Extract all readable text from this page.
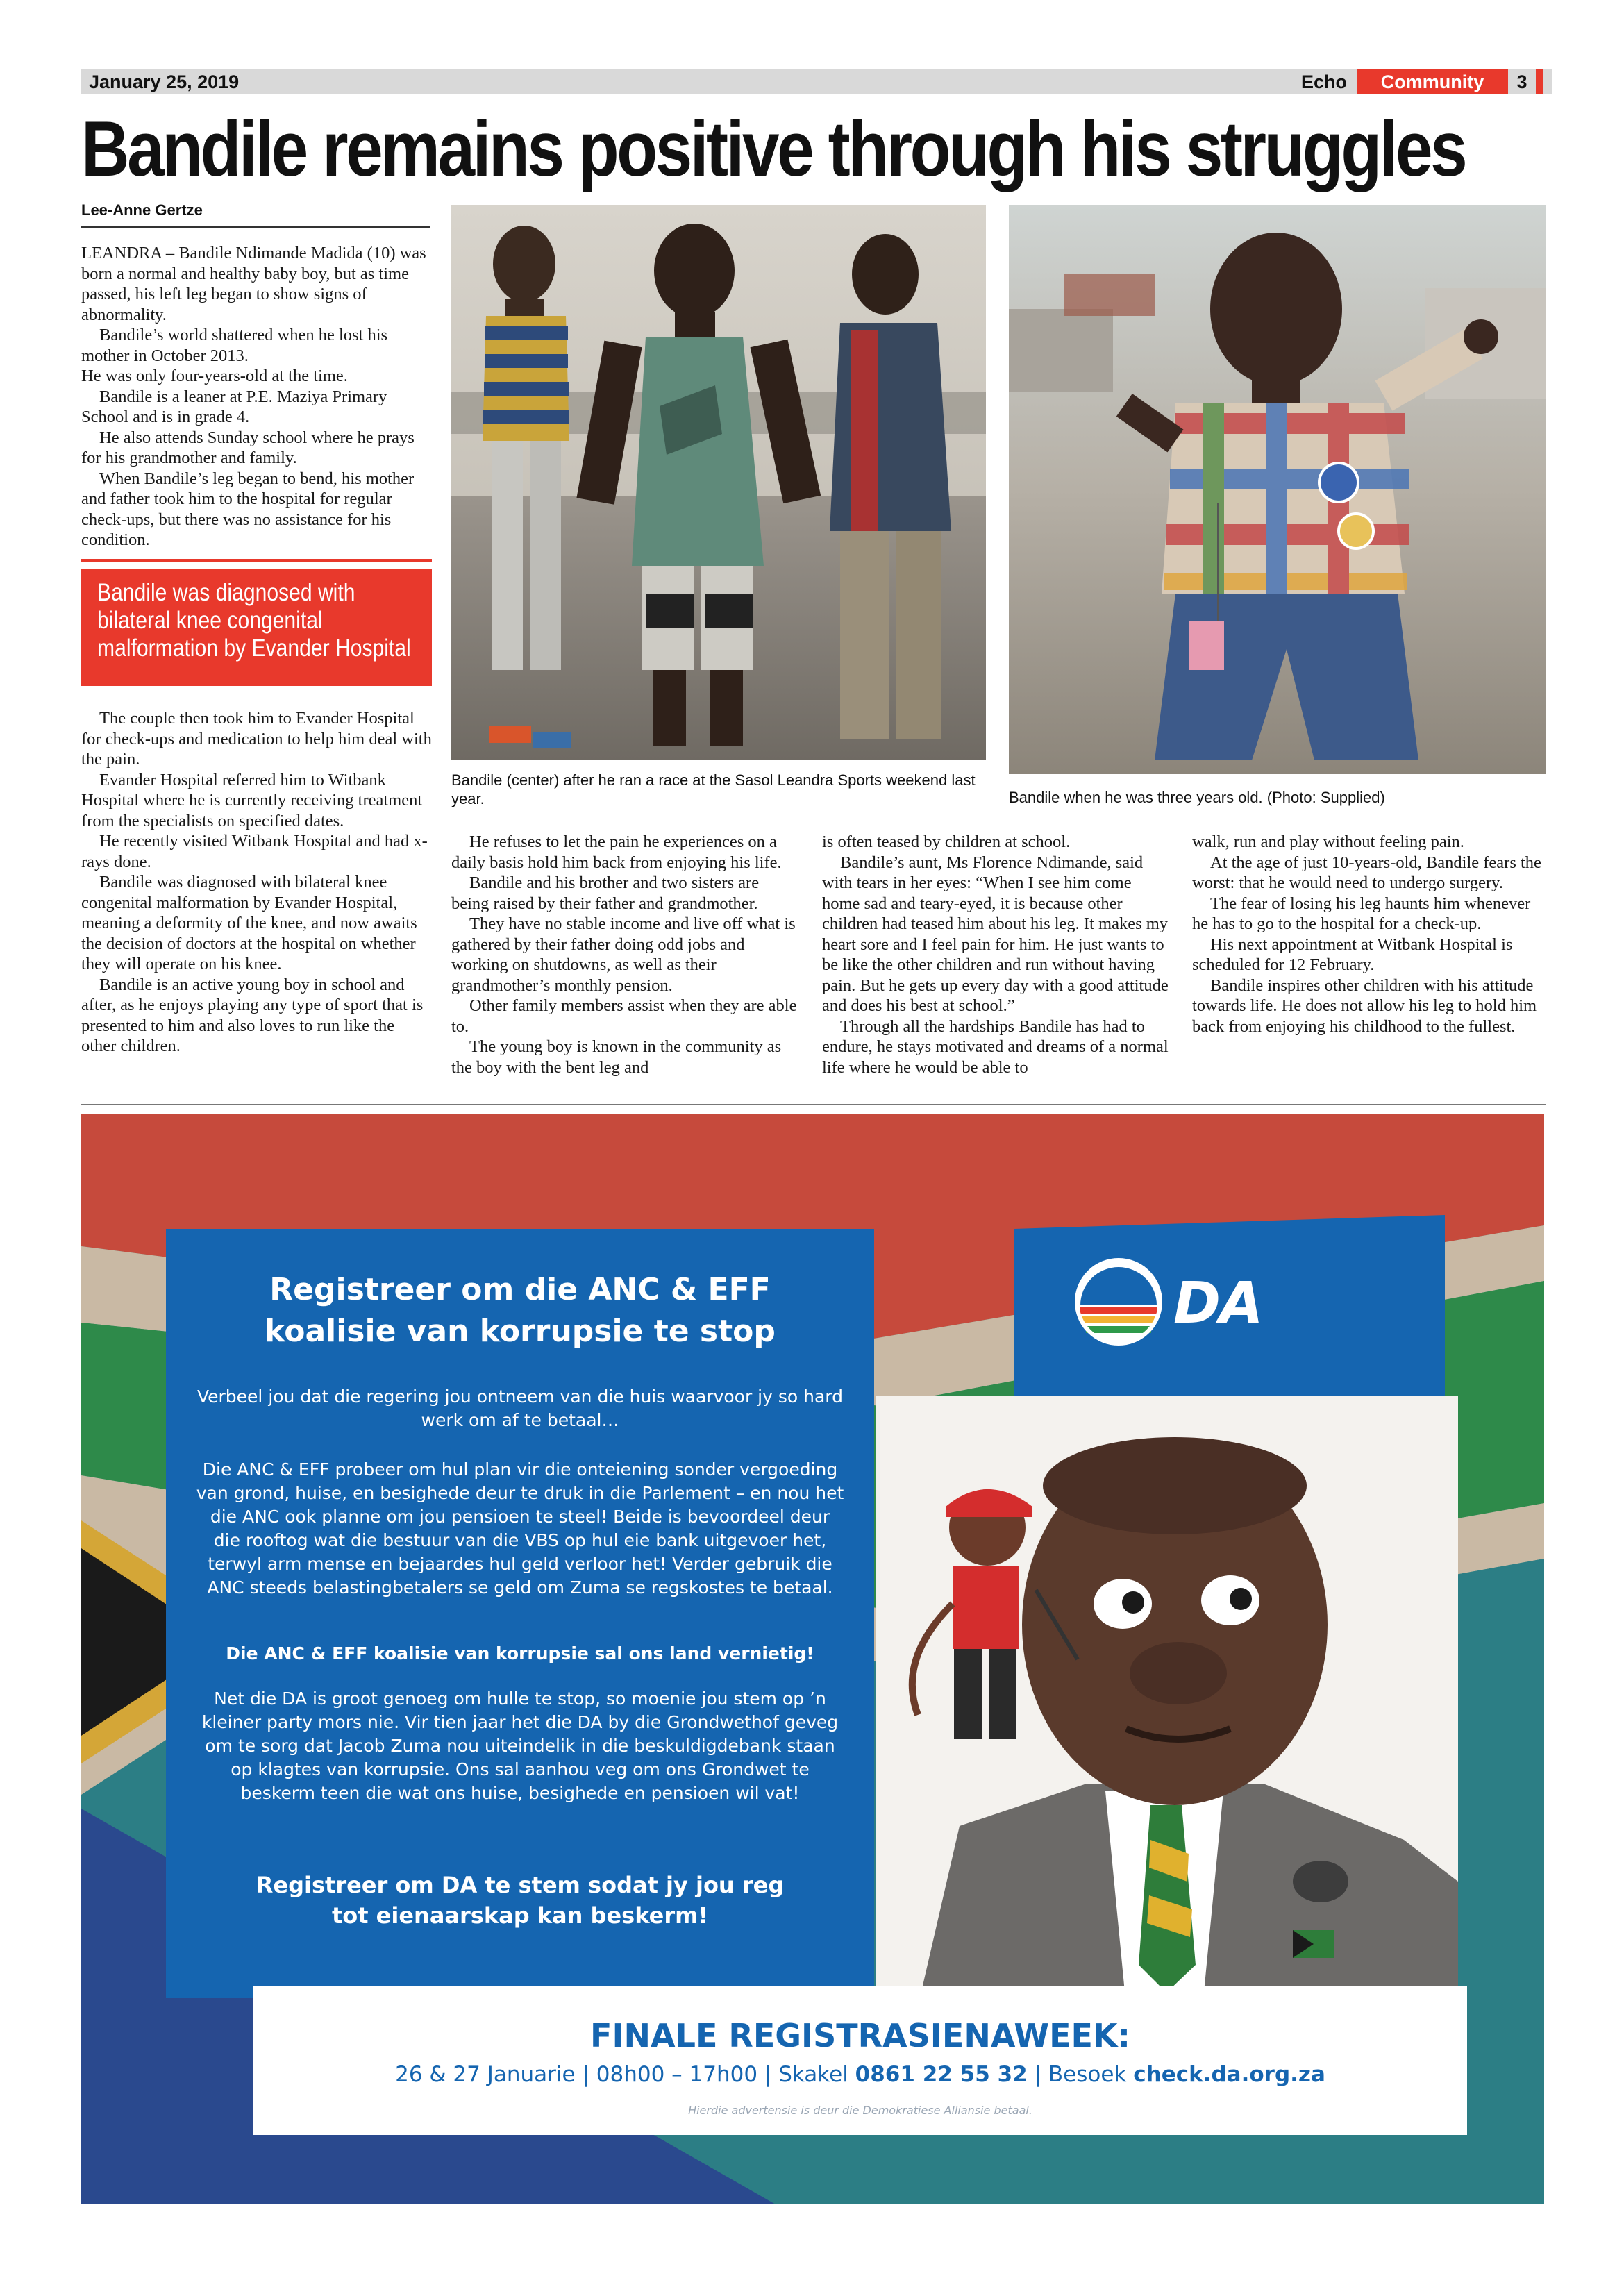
January 25, 2019	Echo	Community	3
Bandile remains positive through his struggles
Lee-Anne Gertze

LEANDRA – Bandile Ndimande Madida (10) was born a normal and healthy baby boy, but as time passed, his left leg began to show signs of abnormality.

Bandile’s world shattered when he lost his mother in October 2013.

He was only four-years-old at the time.

Bandile is a leaner at P.E. Maziya Primary School and is in grade 4.

He also attends Sunday school where he prays for his grandmother and family.

When Bandile’s leg began to bend, his mother and father took him to the hospital for regular check-ups, but there was no assistance for his condition.

Bandile was diagnosed with
bilateral knee congenital
malformation by Evander Hospital

The couple then took him to Evander Hospital for check-ups and medication to help him deal with the pain.

Evander Hospital referred him to Witbank Hospital where he is currently receiving treatment from the specialists on specified dates.

He recently visited Witbank Hospital and had x-rays done.

Bandile was diagnosed with bilateral knee congenital malformation by Evander Hospital, meaning a deformity of the knee, and now awaits the decision of doctors at the hospital on whether they will operate on his knee.

Bandile is an active young boy in school and after, as he enjoys playing any type of sport that is presented to him and also loves to run like the other children.

Bandile (center) after he ran a race at the Sasol Leandra Sports weekend last year.	Bandile when he was three years old. (Photo: Supplied)

He refuses to let the pain he experiences on a daily basis hold him back from enjoying his life.

Bandile and his brother and two sisters are being raised by their father and grandmother.

They have no stable income and live off what is gathered by their father doing odd jobs and working on shutdowns, as well as their grandmother’s monthly pension.

Other family members assist when they are able to.

The young boy is known in the community as the boy with the bent leg and

is often teased by children at school.

Bandile’s aunt, Ms Florence Ndimande, said with tears in her eyes: “When I see him come home sad and teary-eyed, it is because other children had teased him about his leg. It makes my heart sore and I feel pain for him. He just wants to be like the other children and run without having pain. But he gets up every day with a good attitude and does his best at school.”

Through all the hardships Bandile has had to endure, he stays motivated and dreams of a normal life where he would be able to

walk, run and play without feeling pain.

At the age of just 10-years-old, Bandile fears the worst: that he would need to undergo surgery.

The fear of losing his leg haunts him whenever he has to go to the hospital for a check-up.

His next appointment at Witbank Hospital is scheduled for 12 February.

Bandile inspires other children with his attitude towards life. He does not allow his leg to hold him back from enjoying his childhood to the fullest.

DA
Registreer om die ANC & EFF
koalisie van korrupsie te stop
Verbeel jou dat die regering jou ontneem van die huis waarvoor jy so hard werk om af te betaal…
Die ANC & EFF probeer om hul plan vir die onteiening sonder vergoeding van grond, huise, en besighede deur te druk in die Parlement – en nou het die ANC ook planne om jou pensioen te steel! Beide is bevoordeel deur die rooftog wat die bestuur van die VBS op hul eie bank uitgevoer het, terwyl arm mense en bejaardes hul geld verloor het! Verder gebruik die ANC steeds belastingbetalers se geld om Zuma se regskostes te betaal.
Die ANC & EFF koalisie van korrupsie sal ons land vernietig!
Net die DA is groot genoeg om hulle te stop, so moenie jou stem op ’n kleiner party mors nie. Vir tien jaar het die DA by die Grondwethof geveg om te sorg dat Jacob Zuma nou uiteindelik in die beskuldigdebank staan op klagtes van korrupsie. Ons sal aanhou veg om ons Grondwet te beskerm teen die wat ons huise, besighede en pensioen wil vat!
Registreer om DA te stem sodat jy jou reg
tot eienaarskap kan beskerm!
FINALE REGISTRASIENAWEEK:
26 & 27 Januarie | 08h00 – 17h00 | Skakel 0861 22 55 32 | Besoek check.da.org.za
Hierdie advertensie is deur die Demokratiese Alliansie betaal.
